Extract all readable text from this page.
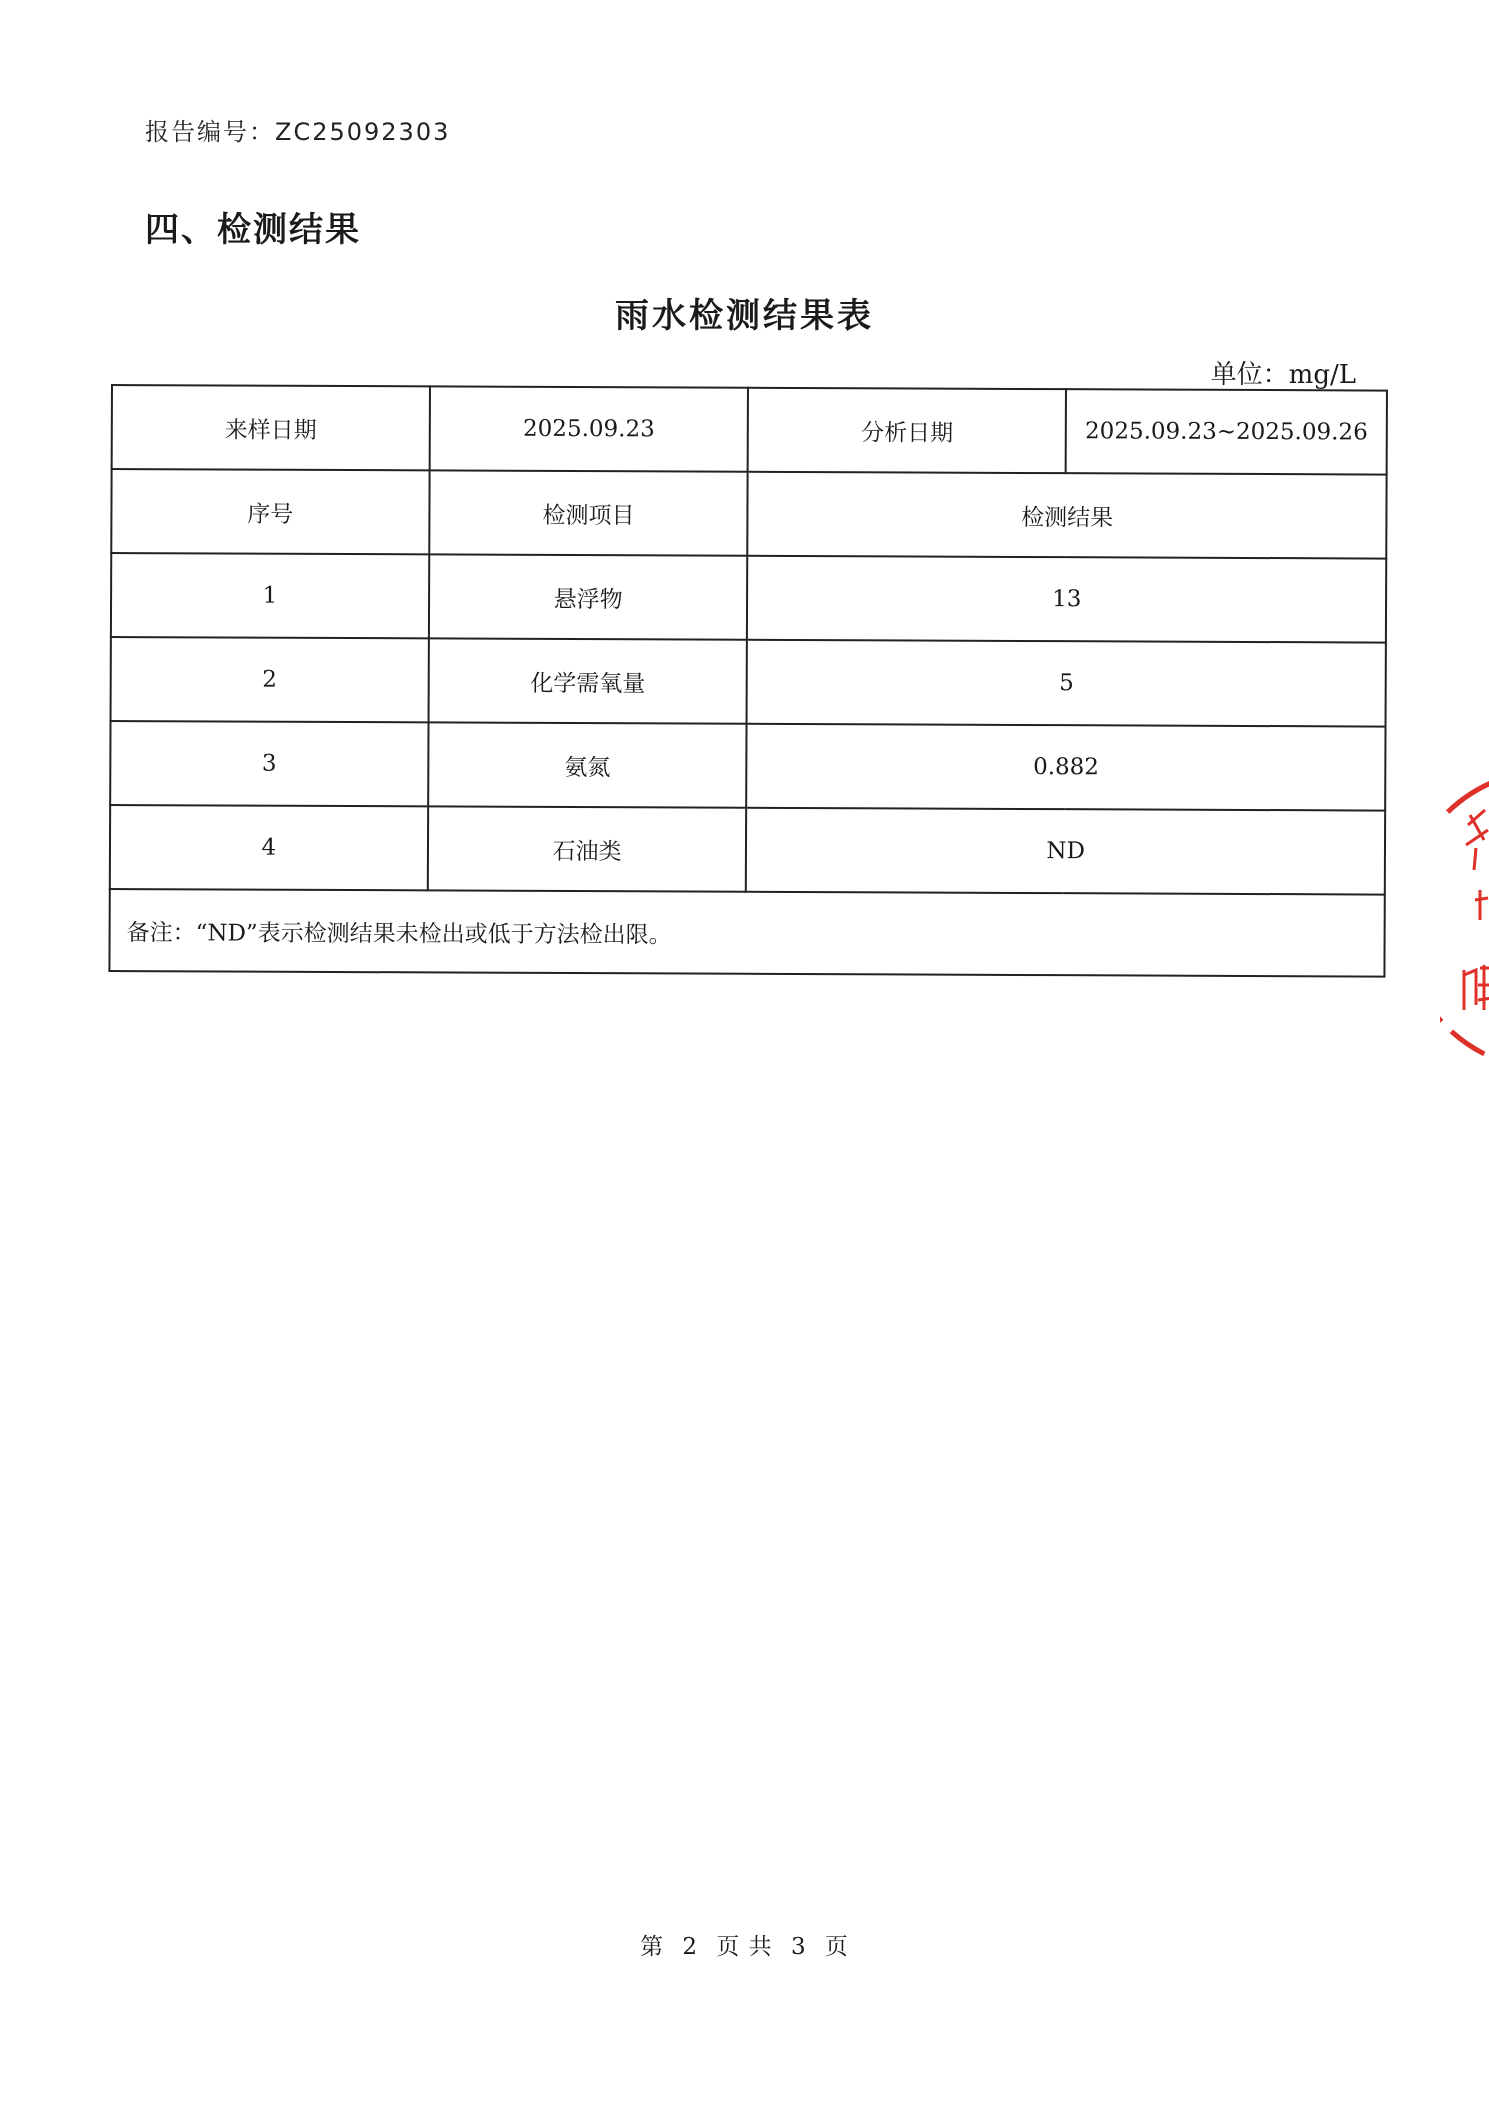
报告编号：ZC25092303
四、检测结果
雨水检测结果表
单位：mg/L
来样日期	2025.09.23	分析日期	2025.09.23~2025.09.26
序号	检测项目	检测结果	
1	悬浮物	13	
2	化学需氧量	5	
3	氨氮	0.882	
4	石油类	ND	
备注：“ND”表示检测结果未检出或低于方法检出限。			
第 2 页 共 3 页
